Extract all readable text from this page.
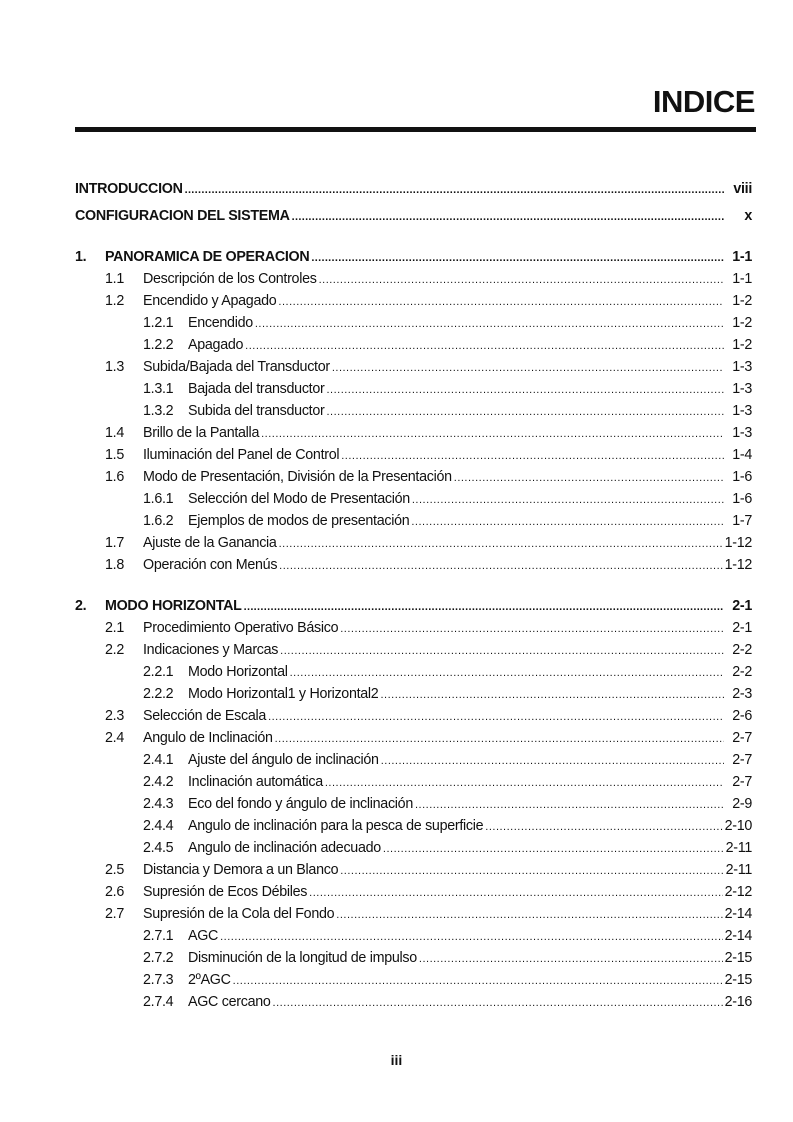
INDICE
INTRODUCCION .....	viii
CONFIGURACION DEL SISTEMA .....	x
1. PANORAMICA DE OPERACION .....	1-1
1.1 Descripción de los Controles .....	1-1
1.2 Encendido y Apagado .....	1-2
1.2.1 Encendido .....	1-2
1.2.2 Apagado .....	1-2
1.3 Subida/Bajada del Transductor .....	1-3
1.3.1 Bajada del transductor .....	1-3
1.3.2 Subida del transductor .....	1-3
1.4 Brillo de la Pantalla .....	1-3
1.5 Iluminación del Panel de Control .....	1-4
1.6 Modo de Presentación, División de la Presentación .....	1-6
1.6.1 Selección del Modo de Presentación .....	1-6
1.6.2 Ejemplos de modos de presentación .....	1-7
1.7 Ajuste de la Ganancia .....	1-12
1.8 Operación con Menús .....	1-12
2. MODO HORIZONTAL .....	2-1
2.1 Procedimiento Operativo Básico .....	2-1
2.2 Indicaciones y Marcas .....	2-2
2.2.1 Modo Horizontal .....	2-2
2.2.2 Modo Horizontal1 y Horizontal2 .....	2-3
2.3 Selección de Escala .....	2-6
2.4 Angulo de Inclinación .....	2-7
2.4.1 Ajuste del ángulo de inclinación .....	2-7
2.4.2 Inclinación automática .....	2-7
2.4.3 Eco del fondo y ángulo de inclinación .....	2-9
2.4.4 Angulo de inclinación para la pesca de superficie .....	2-10
2.4.5 Angulo de inclinación adecuado .....	2-11
2.5 Distancia y Demora a un Blanco .....	2-11
2.6 Supresión de Ecos Débiles .....	2-12
2.7 Supresión de la Cola del Fondo .....	2-14
2.7.1 AGC .....	2-14
2.7.2 Disminución de la longitud de impulso .....	2-15
2.7.3 2ºAGC .....	2-15
2.7.4 AGC cercano .....	2-16
iii
